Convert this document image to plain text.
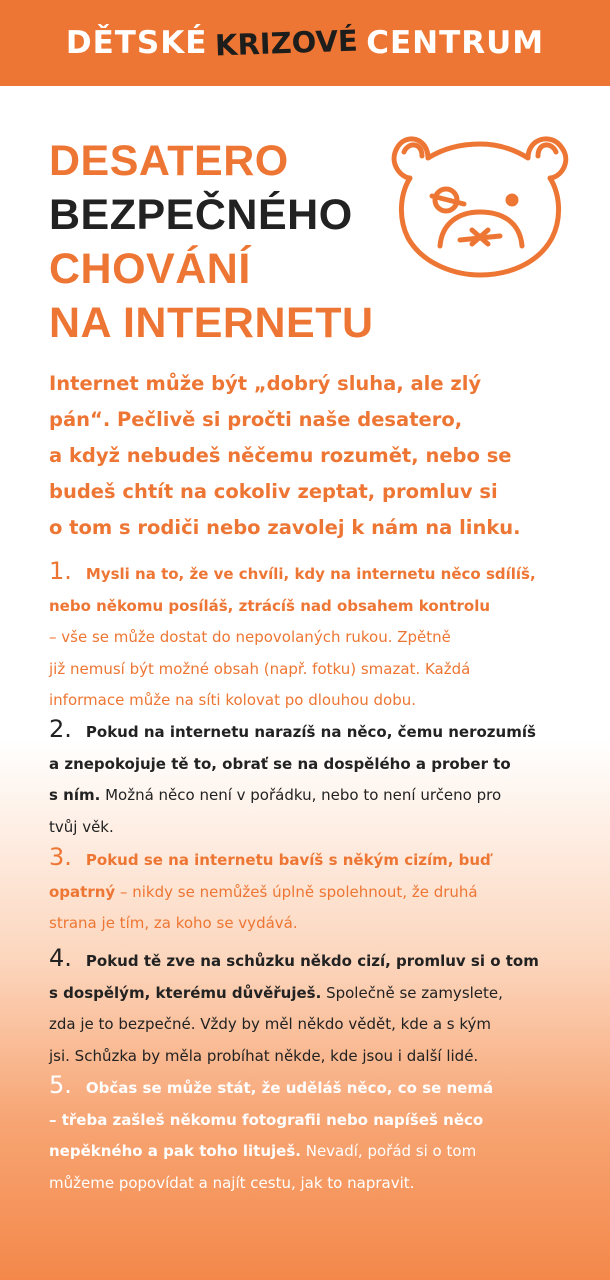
DĚTSKÉ KRIZOVÉ CENTRUM
DESATERO
BEZPEČNÉHO
CHOVÁNÍ
NA INTERNETU
Internet může být „dobrý sluha, ale zlý
pán“. Pečlivě si pročti naše desatero,
a když nebudeš něčemu rozumět, nebo se
budeš chtít na cokoliv zeptat, promluv si
o tom s rodiči nebo zavolej k nám na linku.
1. Mysli na to, že ve chvíli, kdy na internetu něco sdílíš,
nebo někomu posíláš, ztrácíš nad obsahem kontrolu
– vše se může dostat do nepovolaných rukou. Zpětně
již nemusí být možné obsah (např. fotku) smazat. Každá
informace může na síti kolovat po dlouhou dobu.
2. Pokud na internetu narazíš na něco, čemu nerozumíš
a znepokojuje tě to, obrať se na dospělého a prober to
s ním. Možná něco není v pořádku, nebo to není určeno pro
tvůj věk.
3. Pokud se na internetu bavíš s někým cizím, buď
opatrný – nikdy se nemůžeš úplně spolehnout, že druhá
strana je tím, za koho se vydává.
4. Pokud tě zve na schůzku někdo cizí, promluv si o tom
s dospělým, kterému důvěřuješ. Společně se zamyslete,
zda je to bezpečné. Vždy by měl někdo vědět, kde a s kým
jsi. Schůzka by měla probíhat někde, kde jsou i další lidé.
5. Občas se může stát, že uděláš něco, co se nemá
– třeba zašleš někomu fotografii nebo napíšeš něco
nepěkného a pak toho lituješ. Nevadí, pořád si o tom
můžeme popovídat a najít cestu, jak to napravit.
